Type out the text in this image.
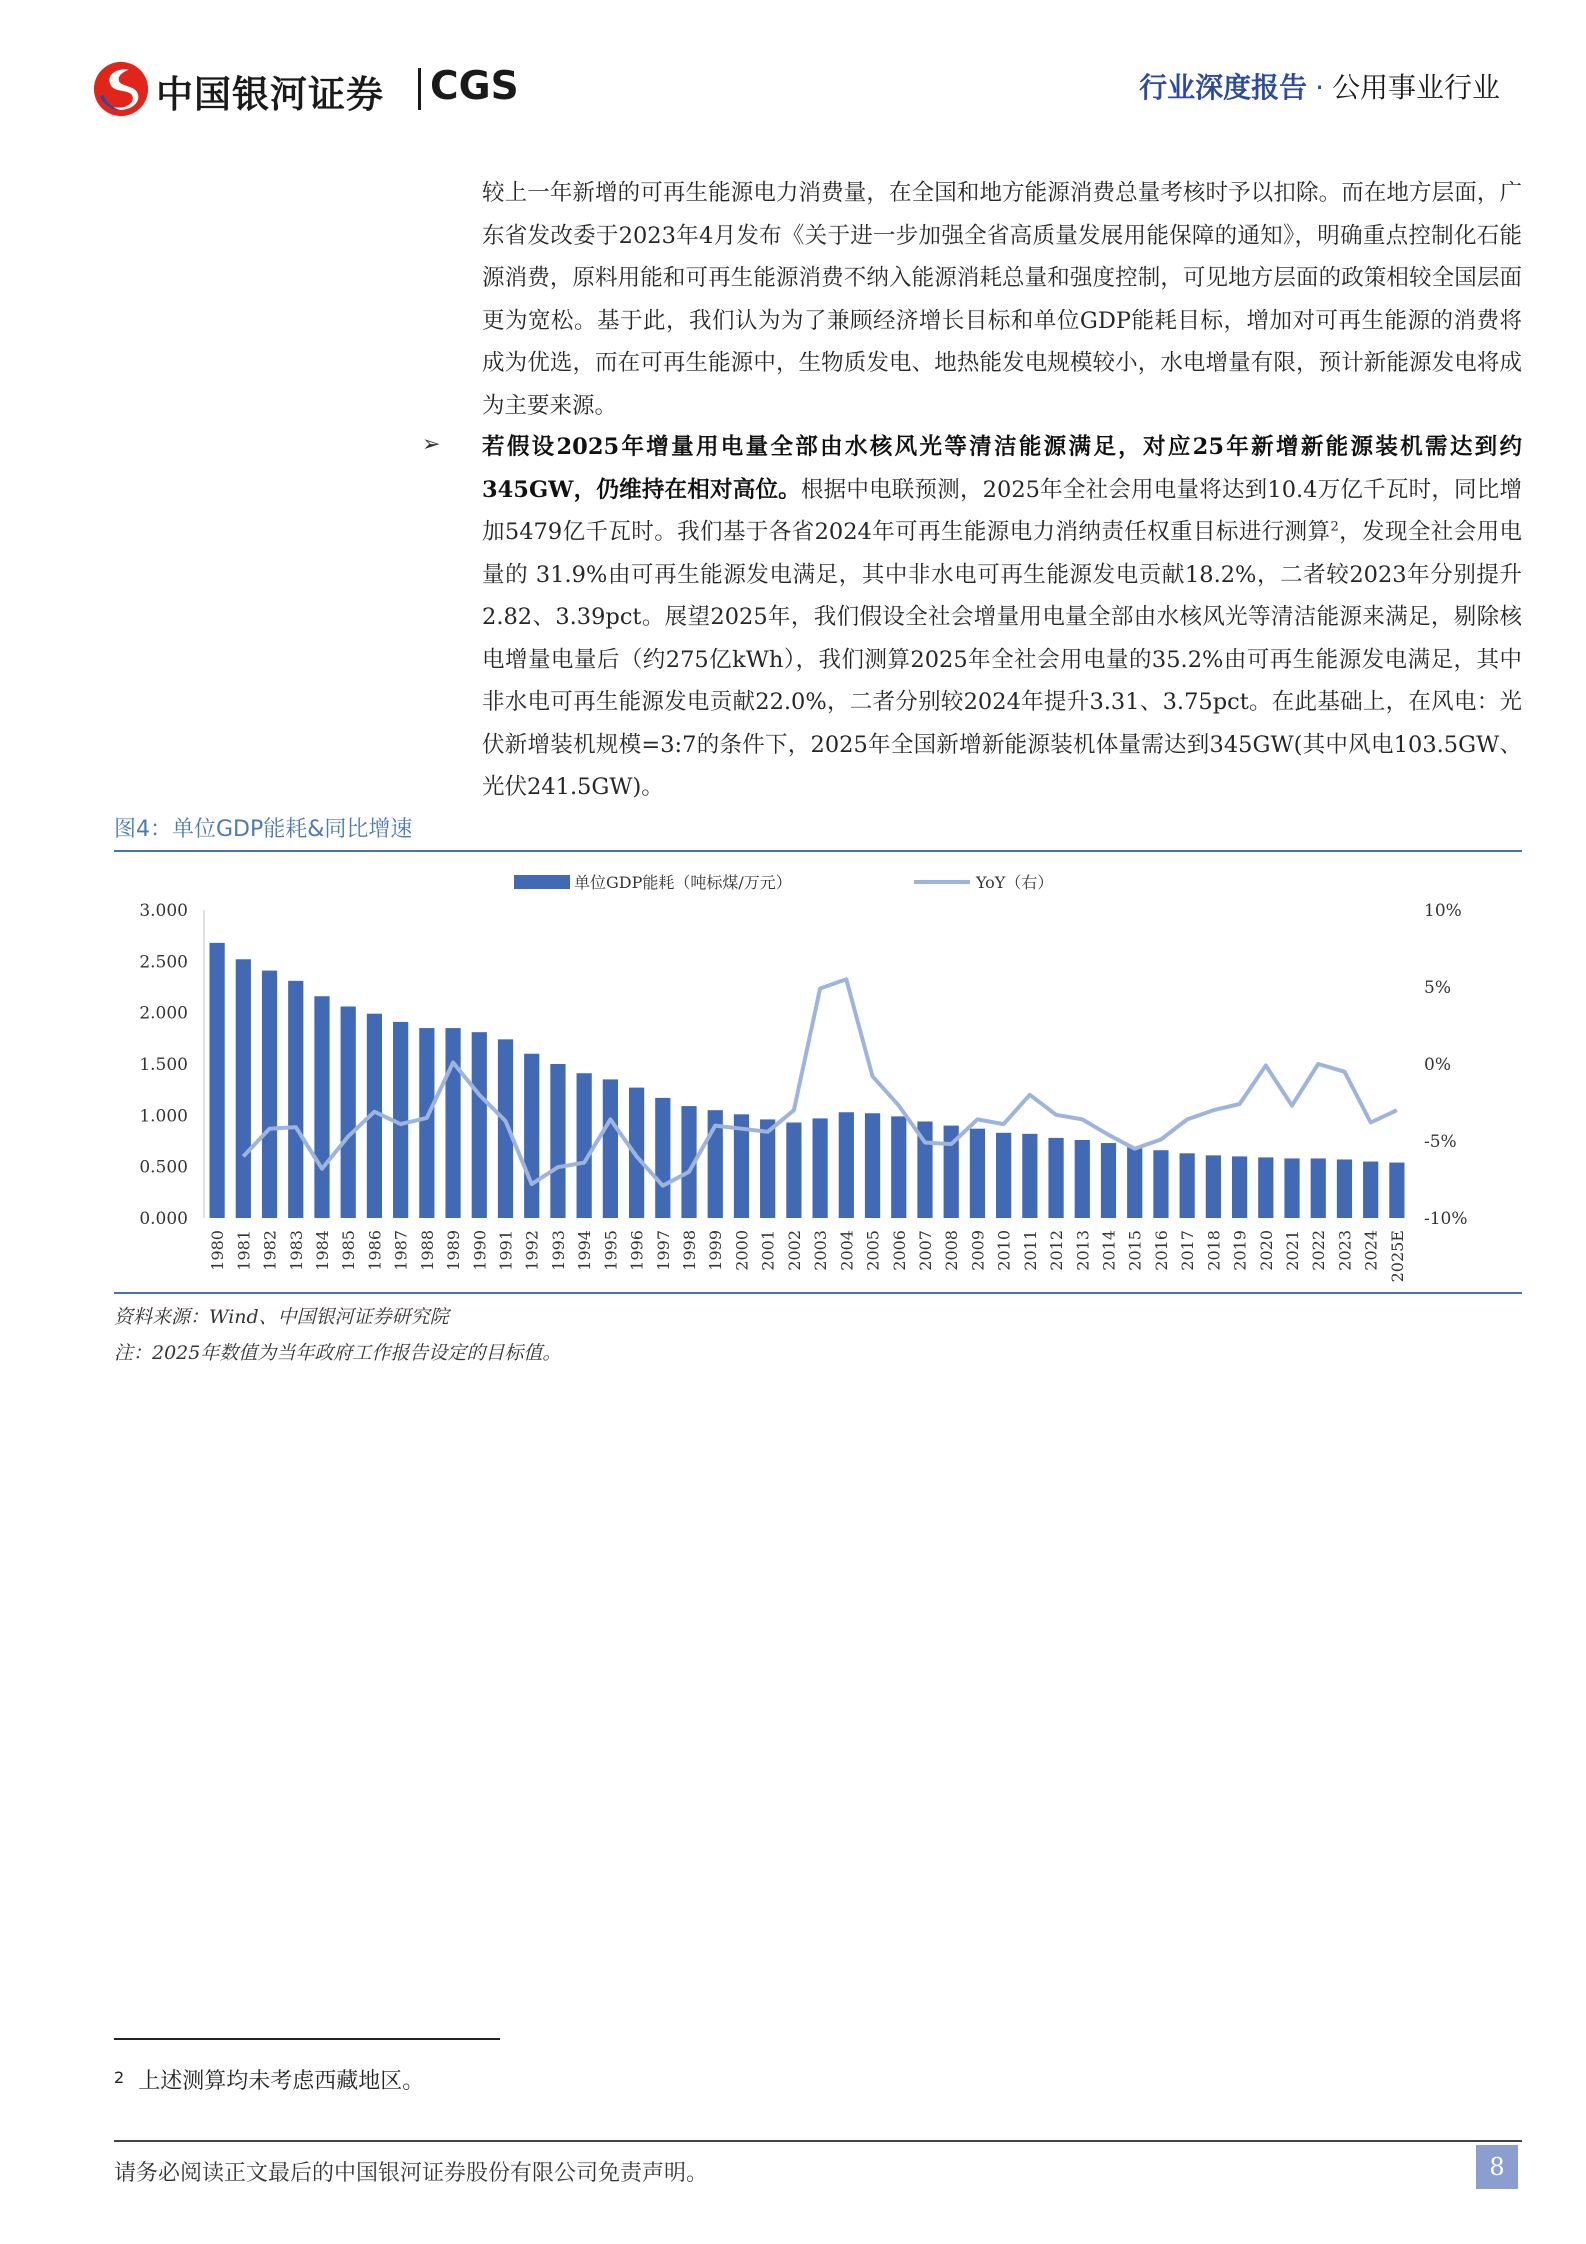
中国银河证券 CGS	行业深度报告 · 公用事业行业
较上一年新增的可再生能源电力消费量，在全国和地方能源消费总量考核时予以扣除。而在地方层面，广东省发改委于2023年4月发布《关于进一步加强全省高质量发展用能保障的通知》，明确重点控制化石能源消费，原料用能和可再生能源消费不纳入能源消耗总量和强度控制，可见地方层面的政策相较全国层面更为宽松。基于此，我们认为为了兼顾经济增长目标和单位GDP能耗目标，增加对可再生能源的消费将成为优选，而在可再生能源中，生物质发电、地热能发电规模较小，水电增量有限，预计新能源发电将成为主要来源。
➢ 若假设2025年增量用电量全部由水核风光等清洁能源满足，对应25年新增新能源装机需达到约345GW，仍维持在相对高位。根据中电联预测，2025年全社会用电量将达到10.4万亿千瓦时，同比增加5479亿千瓦时。我们基于各省2024年可再生能源电力消纳责任权重目标进行测算$^2$，发现全社会用电量的 31.9%由可再生能源发电满足，其中非水电可再生能源发电贡献18.2%，二者较2023年分别提升2.82、3.39pct。展望2025年，我们假设全社会增量用电量全部由水核风光等清洁能源来满足，剔除核电增量电量后（约275亿kWh），我们测算2025年全社会用电量的35.2%由可再生能源发电满足，其中非水电可再生能源发电贡献22.0%，二者分别较2024年提升3.31、3.75pct。在此基础上，在风电：光伏新增装机规模=3:7的条件下，2025年全国新增新能源装机体量需达到345GW(其中风电103.5GW、光伏241.5GW)。
图4：单位GDP能耗&同比增速
单位GDP能耗（吨标煤/万元）	YoY（右）
0.000
0.500
1.000
1.500
2.000
2.500
3.000
-10%
-5%
0%
5%
10%
1980 1981 1982 1983 1984 1985 1986 1987 1988 1989 1990 1991 1992 1993 1994 1995 1996 1997 1998 1999 2000 2001 2002 2003 2004 2005 2006 2007 2008 2009 2010 2011 2012 2013 2014 2015 2016 2017 2018 2019 2020 2021 2022 2023 2024 2025E
资料来源：Wind、中国银河证券研究院
注：2025年数值为当年政府工作报告设定的目标值。
$^2$ 上述测算均未考虑西藏地区。
请务必阅读正文最后的中国银河证券股份有限公司免责声明。	8
